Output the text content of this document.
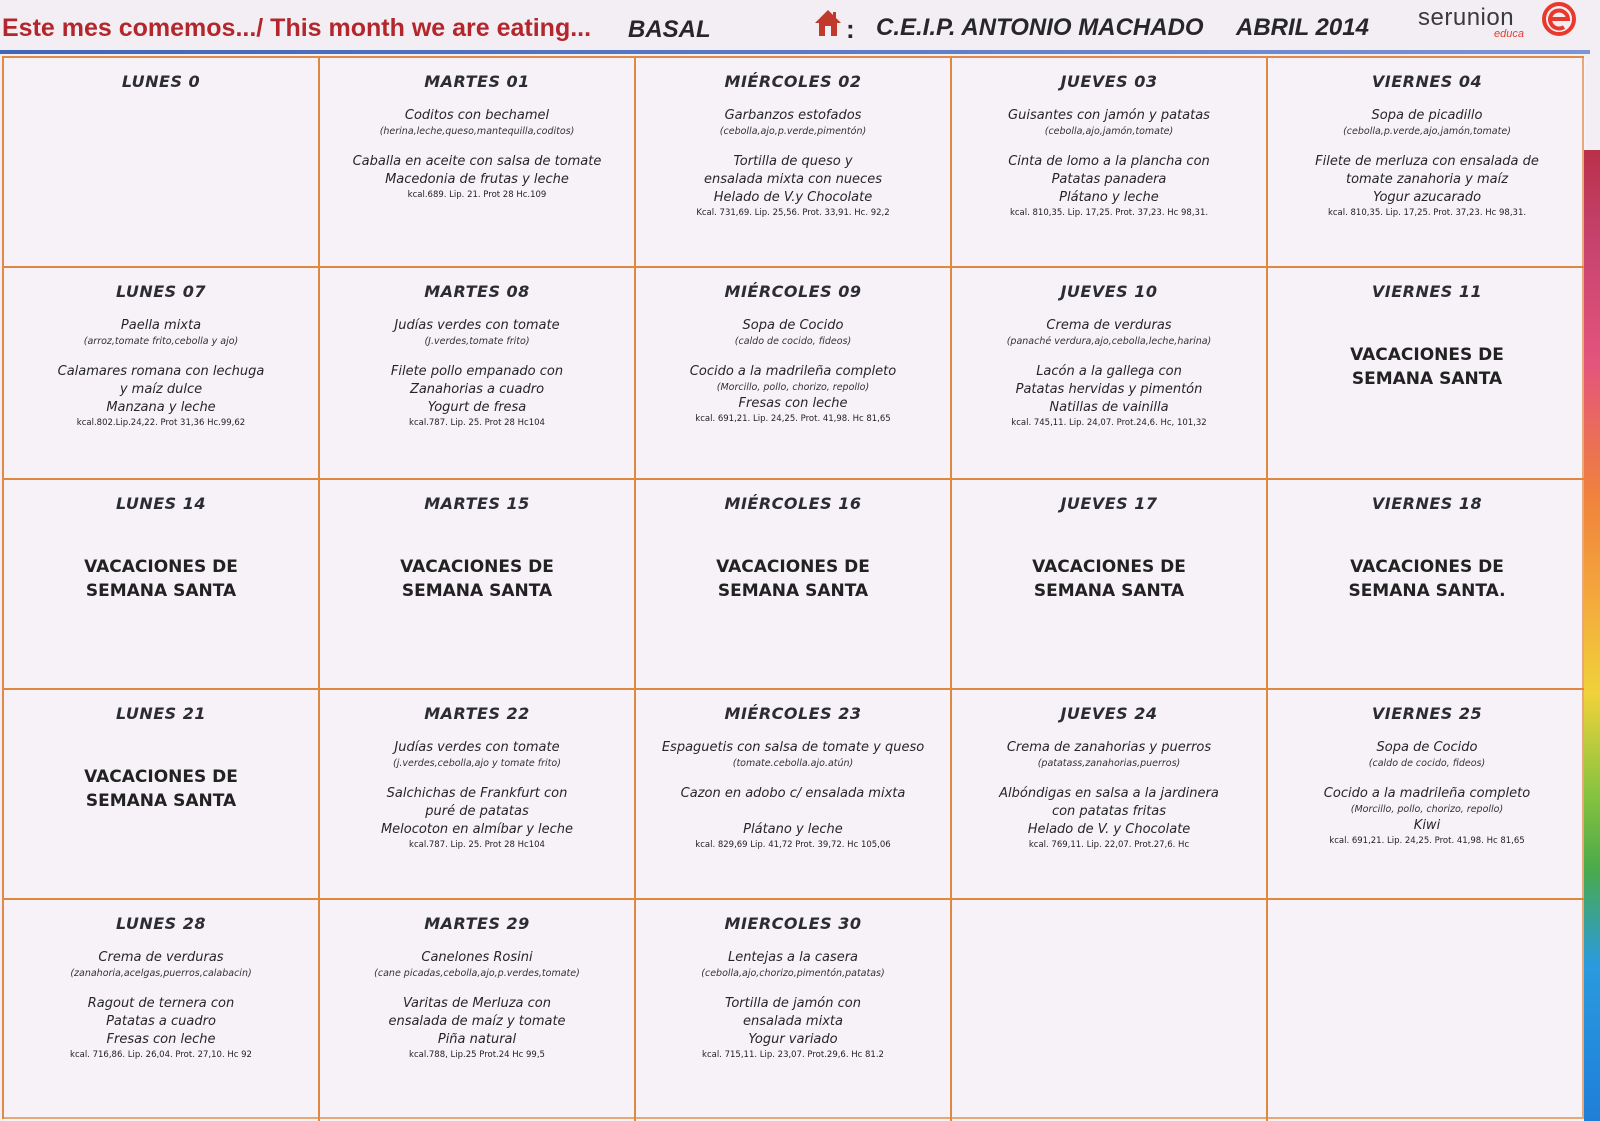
Este mes comemos.../ This month we are eating... BASAL	: C.E.I.P. ANTONIO MACHADO ABRIL 2014 serunion
educa
LUNES 0	MARTES 01
Coditos con bechamel
(herina,leche,queso,mantequilla,coditos)
Caballa en aceite con salsa de tomate
Macedonia de frutas y leche
kcal.689. Lip. 21. Prot 28 Hc.109
MIÉRCOLES 02
Garbanzos estofados
(cebolla,ajo,p.verde,pimentón)
Tortilla de queso y
ensalada mixta con nueces
Helado de V.y Chocolate
Kcal. 731,69. Lip. 25,56. Prot. 33,91. Hc. 92,2
JUEVES 03
Guisantes con jamón y patatas
(cebolla,ajo,jamón,tomate)
Cinta de lomo a la plancha con
Patatas panadera
Plátano y leche
kcal. 810,35. Lip. 17,25. Prot. 37,23. Hc 98,31.
VIERNES 04
Sopa de picadillo
(cebolla,p.verde,ajo,jamón,tomate)
Filete de merluza con ensalada de
tomate zanahoria y maíz
Yogur azucarado
kcal. 810,35. Lip. 17,25. Prot. 37,23. Hc 98,31.
LUNES 07
Paella mixta
(arroz,tomate frito,cebolla y ajo)
Calamares romana con lechuga
y maíz dulce
Manzana y leche
kcal.802.Lip.24,22. Prot 31,36 Hc.99,62
MARTES 08
Judías verdes con tomate
(J.verdes,tomate frito)
Filete pollo empanado con
Zanahorias a cuadro
Yogurt de fresa
kcal.787. Lip. 25. Prot 28 Hc104
MIÉRCOLES 09
Sopa de Cocido
(caldo de cocido, fideos)
Cocido a la madrileña completo
(Morcillo, pollo, chorizo, repollo)
Fresas con leche
kcal. 691,21. Lip. 24,25. Prot. 41,98. Hc 81,65
JUEVES 10
Crema de verduras
(panaché verdura,ajo,cebolla,leche,harina)
Lacón a la gallega con
Patatas hervidas y pimentón
Natillas de vainilla
kcal. 745,11. Lip. 24,07. Prot.24,6. Hc, 101,32
VIERNES 11
VACACIONES DE
SEMANA SANTA
LUNES 14
VACACIONES DE
SEMANA SANTA
MARTES 15
VACACIONES DE
SEMANA SANTA
MIÉRCOLES 16
VACACIONES DE
SEMANA SANTA
JUEVES 17
VACACIONES DE
SEMANA SANTA
VIERNES 18
VACACIONES DE
SEMANA SANTA.
LUNES 21
VACACIONES DE
SEMANA SANTA
MARTES 22
Judías verdes con tomate
(j.verdes,cebolla,ajo y tomate frito)
Salchichas de Frankfurt con
puré de patatas
Melocoton en almíbar y leche
kcal.787. Lip. 25. Prot 28 Hc104
MIÉRCOLES 23
Espaguetis con salsa de tomate y queso
(tomate.cebolla.ajo.atún)
Cazon en adobo c/ ensalada mixta

Plátano y leche
kcal. 829,69 Lip. 41,72 Prot. 39,72. Hc 105,06
JUEVES 24
Crema de zanahorias y puerros
(patatass,zanahorias,puerros)
Albóndigas en salsa a la jardinera
con patatas fritas
Helado de V. y Chocolate
kcal. 769,11. Lip. 22,07. Prot.27,6. Hc
VIERNES 25
Sopa de Cocido
(caldo de cocido, fideos)
Cocido a la madrileña completo
(Morcillo, pollo, chorizo, repollo)
Kiwi
kcal. 691,21. Lip. 24,25. Prot. 41,98. Hc 81,65
LUNES 28
Crema de verduras
(zanahoria,acelgas,puerros,calabacin)
Ragout de ternera con
Patatas a cuadro
Fresas con leche
kcal. 716,86. Lip. 26,04. Prot. 27,10. Hc 92
MARTES 29
Canelones Rosini
(cane picadas,cebolla,ajo,p.verdes,tomate)
Varitas de Merluza con
ensalada de maíz y tomate
Piña natural
kcal.788, Lip.25 Prot.24 Hc 99,5
MIERCOLES 30
Lentejas a la casera
(cebolla,ajo,chorizo,pimentón,patatas)
Tortilla de jamón con
ensalada mixta
Yogur variado
kcal. 715,11. Lip. 23,07. Prot.29,6. Hc 81.2
